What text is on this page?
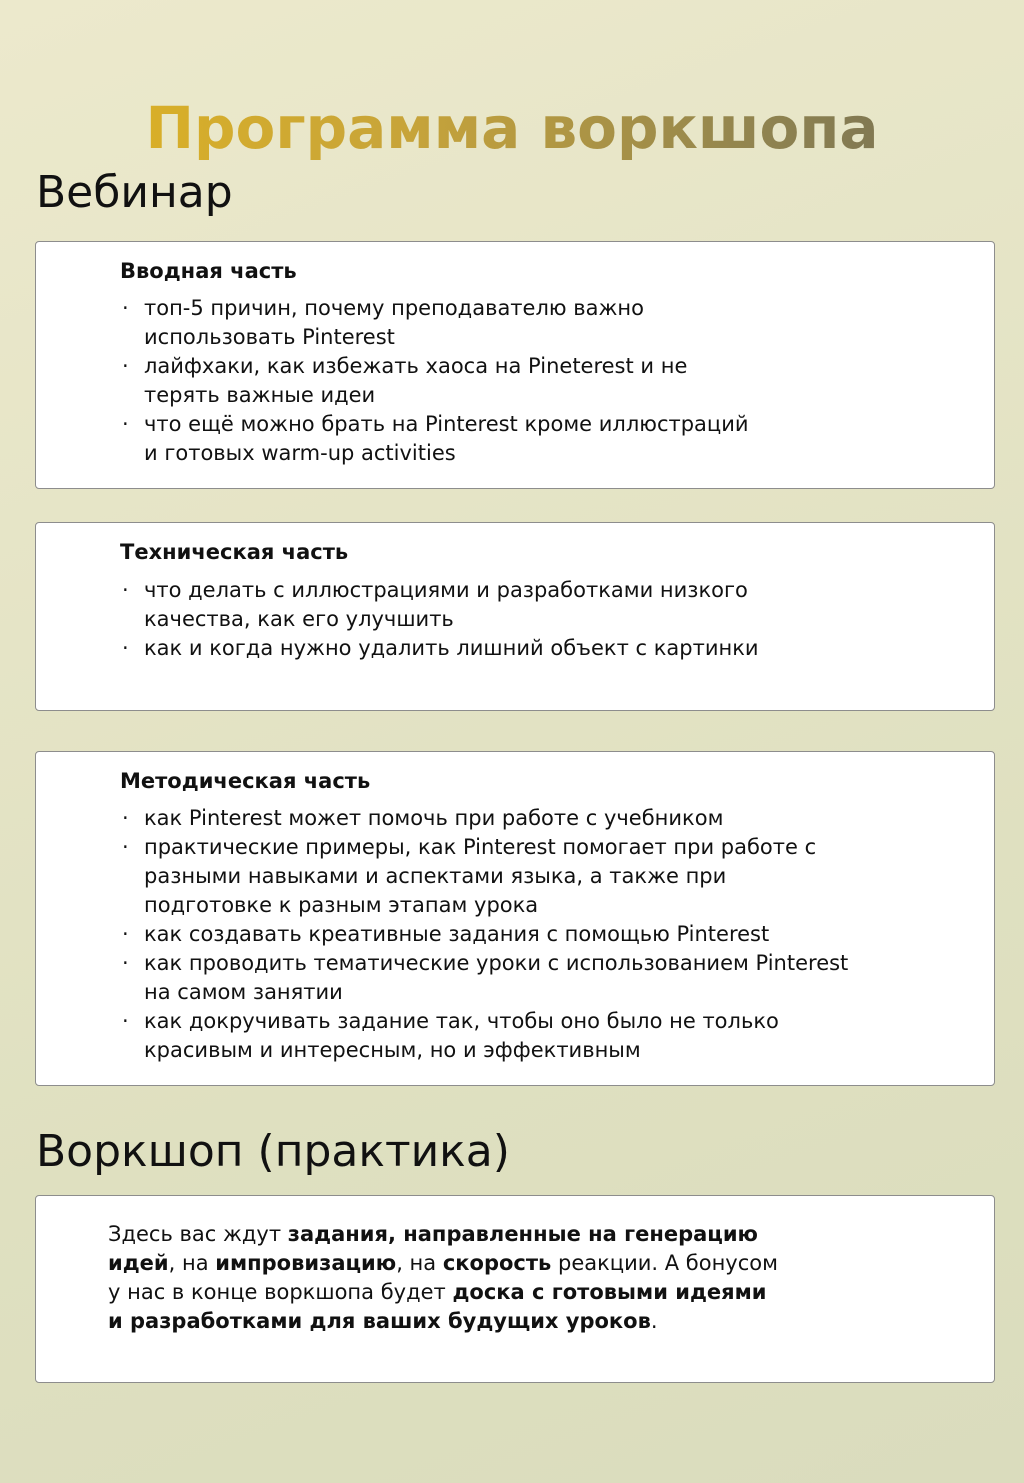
Программа воркшопа
Вебинар
Вводная часть
· топ-5 причин, почему преподавателю важно использовать Pinterest
· лайфхаки, как избежать хаоса на Pineterest и не терять важные идеи
· что ещё можно брать на Pinterest кроме иллюстраций и готовых warm-up activities
Техническая часть
· что делать с иллюстрациями и разработками низкого качества, как его улучшить
· как и когда нужно удалить лишний объект с картинки
Методическая часть
· как Pinterest может помочь при работе с учебником
· практические примеры, как Pinterest помогает при работе с разными навыками и аспектами языка, а также при подготовке к разным этапам урока
· как создавать креативные задания с помощью Pinterest
· как проводить тематические уроки с использованием Pinterest на самом занятии
· как докручивать задание так, чтобы оно было не только красивым и интересным, но и эффективным
Воркшоп (практика)

Здесь вас ждут задания, направленные на генерацию идей, на импровизацию, на скорость реакции. А бонусом у нас в конце воркшопа будет доска с готовыми идеями и разработками для ваших будущих уроков.
